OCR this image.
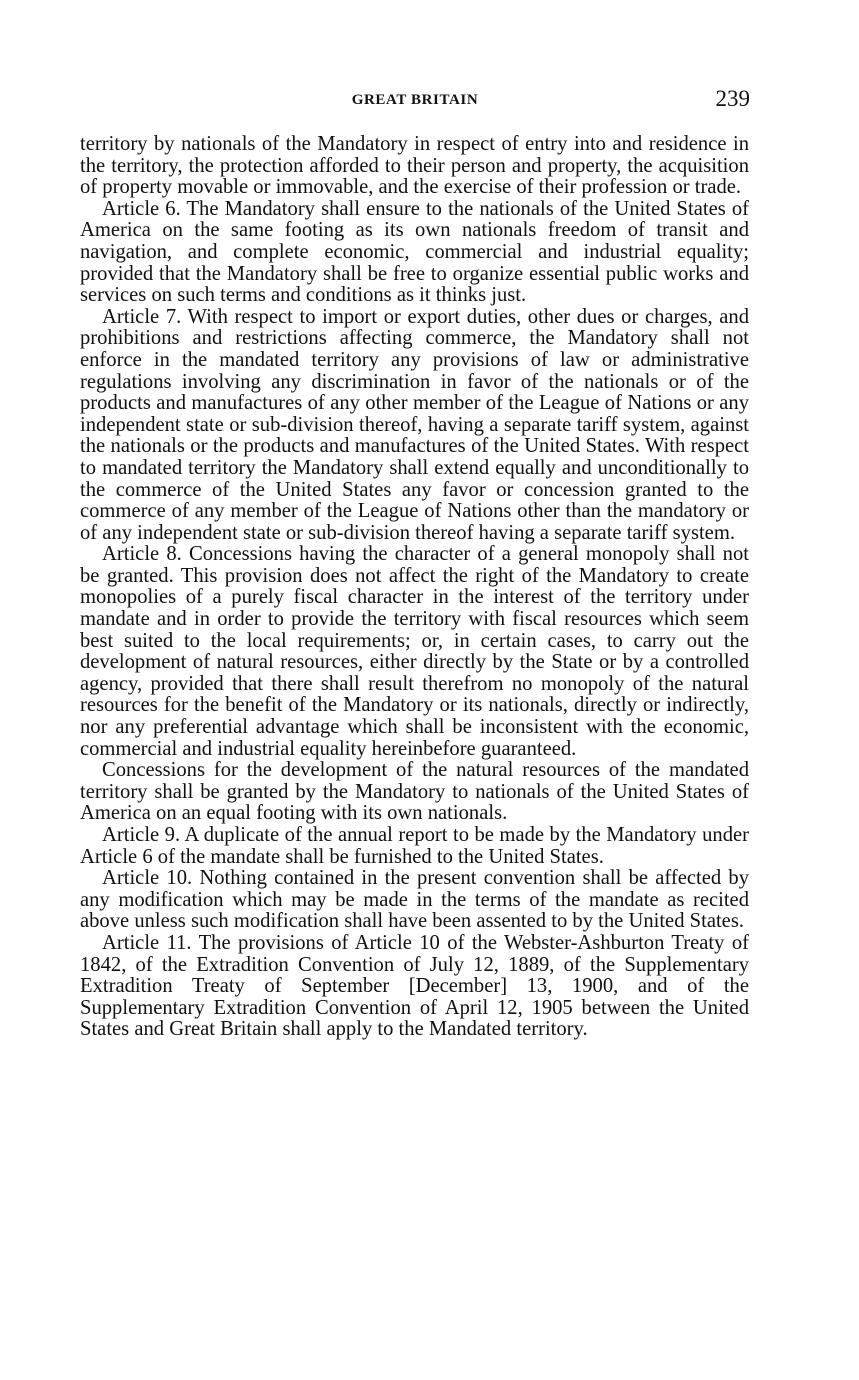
GREAT BRITAIN	239

territory by nationals of the Mandatory in respect of entry into and residence in the territory, the protection afforded to their person and property, the acquisition of property movable or immovable, and the exercise of their profession or trade.

Article 6. The Mandatory shall ensure to the nationals of the United States of America on the same footing as its own nationals freedom of transit and navigation, and complete economic, commercial and industrial equality; provided that the Mandatory shall be free to organize essential public works and services on such terms and conditions as it thinks just.

Article 7. With respect to import or export duties, other dues or charges, and prohibitions and restrictions affecting commerce, the Mandatory shall not enforce in the mandated territory any provisions of law or administrative regulations involving any discrimination in favor of the nationals or of the products and manufactures of any other member of the League of Nations or any independent state or sub-division thereof, having a separate tariff system, against the nationals or the products and manufactures of the United States. With respect to mandated territory the Mandatory shall extend equally and unconditionally to the commerce of the United States any favor or concession granted to the commerce of any member of the League of Nations other than the mandatory or of any independent state or sub-division thereof having a separate tariff system.

Article 8. Concessions having the character of a general monopoly shall not be granted. This provision does not affect the right of the Mandatory to create monopolies of a purely fiscal character in the interest of the territory under mandate and in order to provide the territory with fiscal resources which seem best suited to the local requirements; or, in certain cases, to carry out the development of natural resources, either directly by the State or by a controlled agency, provided that there shall result therefrom no monopoly of the natural resources for the benefit of the Mandatory or its nationals, directly or indirectly, nor any preferential advantage which shall be inconsistent with the economic, commercial and industrial equality hereinbefore guaranteed.

Concessions for the development of the natural resources of the mandated territory shall be granted by the Mandatory to nationals of the United States of America on an equal footing with its own nationals.

Article 9. A duplicate of the annual report to be made by the Mandatory under Article 6 of the mandate shall be furnished to the United States.

Article 10. Nothing contained in the present convention shall be affected by any modification which may be made in the terms of the mandate as recited above unless such modification shall have been assented to by the United States.

Article 11. The provisions of Article 10 of the Webster-Ashburton Treaty of 1842, of the Extradition Convention of July 12, 1889, of the Supplementary Extradition Treaty of September [December] 13, 1900, and of the Supplementary Extradition Convention of April 12, 1905 between the United States and Great Britain shall apply to the Mandated territory.
